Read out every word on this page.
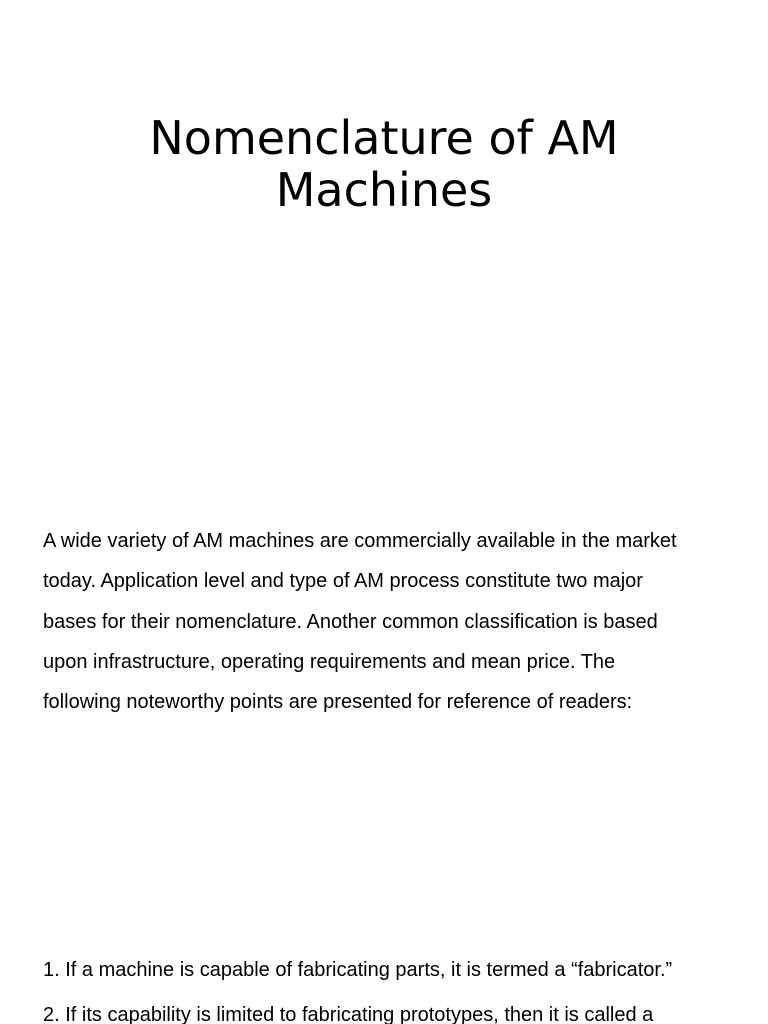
Nomenclature of AM
Machines

A wide variety of AM machines are commercially available in the market
today. Application level and type of AM process constitute two major
bases for their nomenclature. Another common classification is based
upon infrastructure, operating requirements and mean price. The
following noteworthy points are presented for reference of readers:

1. If a machine is capable of fabricating parts, it is termed a “fabricator.”
2. If its capability is limited to fabricating prototypes, then it is called a
